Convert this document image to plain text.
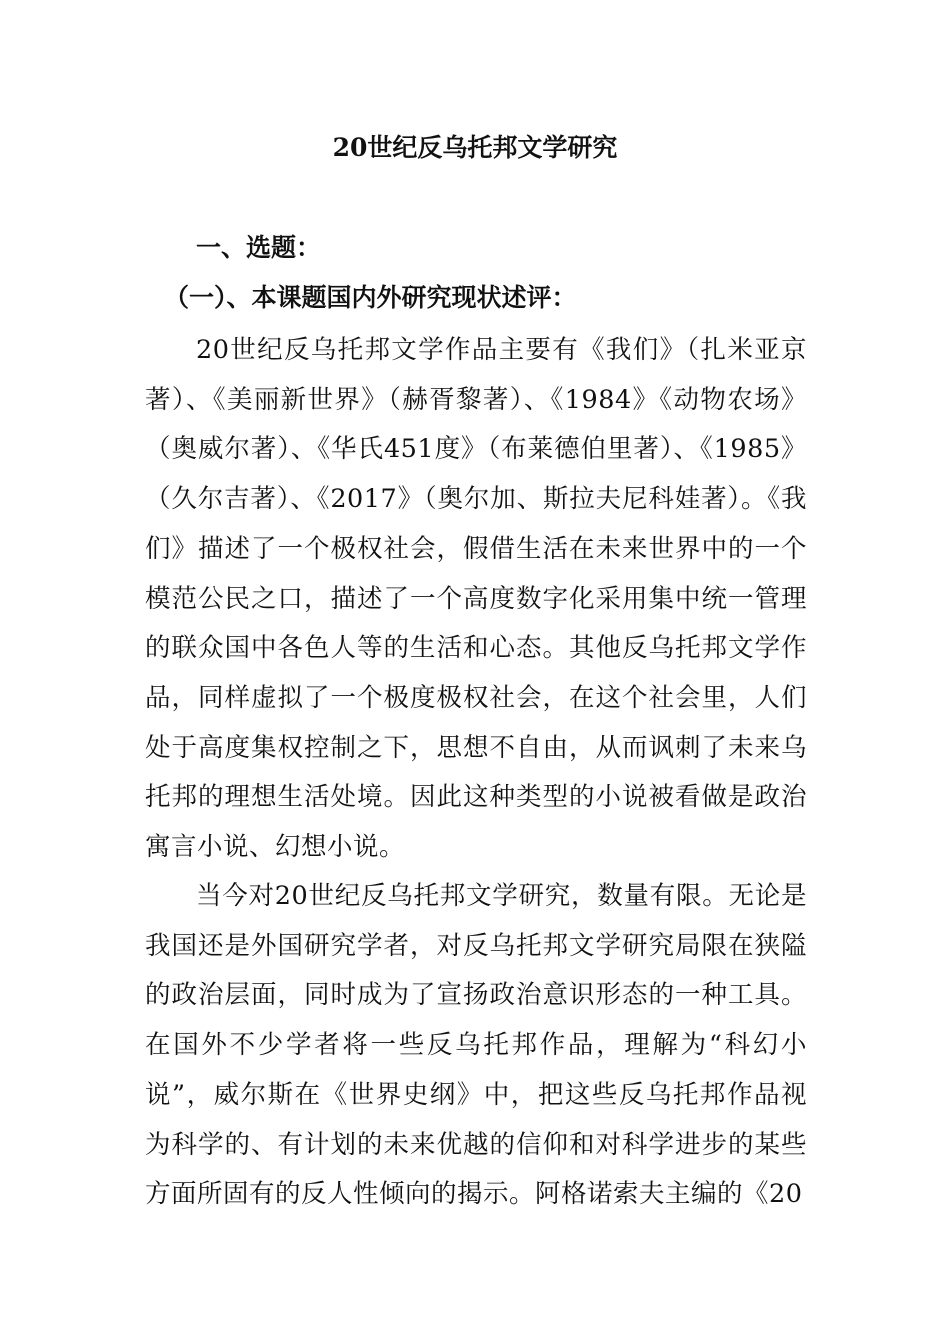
20世纪反乌托邦文学研究
一、选题：
（一）、本课题国内外研究现状述评：

20世纪反乌托邦文学作品主要有《我们》（扎米亚京著）、《美丽新世界》（赫胥黎著）、《1984》《动物农场》（奥威尔著）、《华氏451度》（布莱德伯里著）、《1985》（久尔吉著）、《2017》（奥尔加、斯拉夫尼科娃著）。《我们》描述了一个极权社会，假借生活在未来世界中的一个模范公民之口，描述了一个高度数字化采用集中统一管理的联众国中各色人等的生活和心态。其他反乌托邦文学作品，同样虚拟了一个极度极权社会，在这个社会里，人们处于高度集权控制之下，思想不自由，从而讽刺了未来乌托邦的理想生活处境。因此这种类型的小说被看做是政治寓言小说、幻想小说。

当今对20世纪反乌托邦文学研究，数量有限。无论是我国还是外国研究学者，对反乌托邦文学研究局限在狭隘的政治层面，同时成为了宣扬政治意识形态的一种工具。在国外不少学者将一些反乌托邦作品，理解为“科幻小说”，威尔斯在《世界史纲》中，把这些反乌托邦作品视为科学的、有计划的未来优越的信仰和对科学进步的某些方面所固有的反人性倾向的揭示。阿格诺索夫主编的《20
